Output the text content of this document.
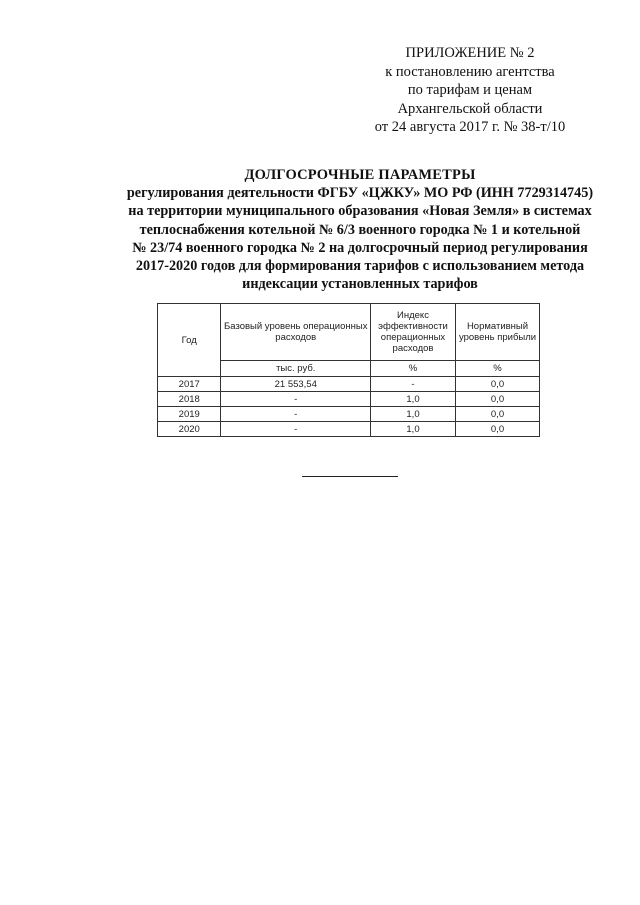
ПРИЛОЖЕНИЕ № 2
к постановлению агентства
по тарифам и ценам
Архангельской области
от 24 августа 2017 г. № 38-т/10
ДОЛГОСРОЧНЫЕ ПАРАМЕТРЫ
регулирования деятельности ФГБУ «ЦЖКУ» МО РФ (ИНН 7729314745)
на территории муниципального образования «Новая Земля» в системах
теплоснабжения котельной № 6/3 военного городка № 1 и котельной
№ 23/74 военного городка № 2 на долгосрочный период регулирования
2017-2020 годов для формирования тарифов с использованием метода
индексации установленных тарифов
Год	Базовый уровень операционных расходов	Индекс эффективности операционных расходов	Нормативный уровень прибыли
	тыс. руб.	%	%
2017	21 553,54	-	0,0
2018	-	1,0	0,0
2019	-	1,0	0,0
2020	-	1,0	0,0
